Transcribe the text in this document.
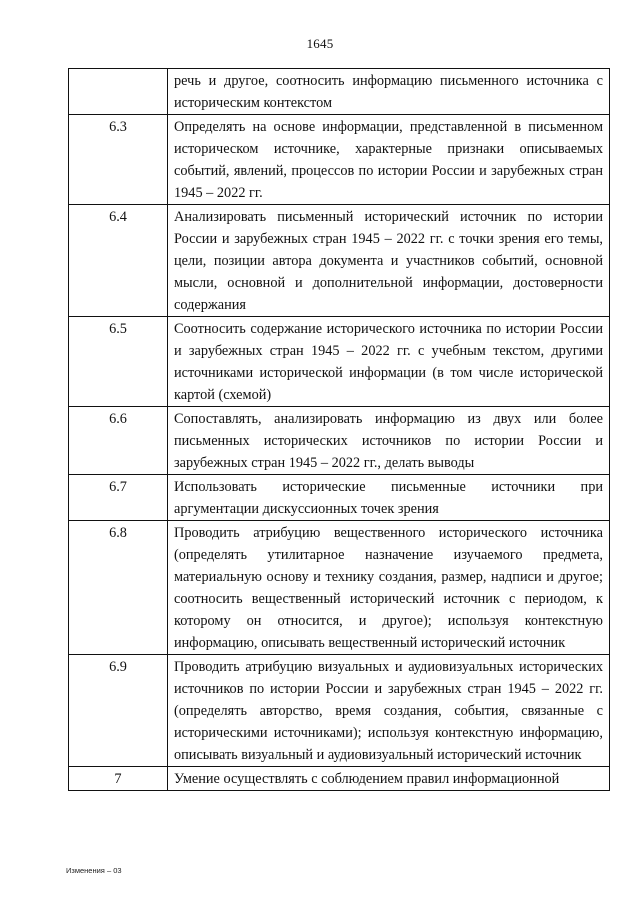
1645
	речь и другое, соотносить информацию письменного источника с историческим контекстом
6.3	Определять на основе информации, представленной в письменном историческом источнике, характерные признаки описываемых событий, явлений, процессов по истории России и зарубежных стран 1945 – 2022 гг.
6.4	Анализировать письменный исторический источник по истории России и зарубежных стран 1945 – 2022 гг. с точки зрения его темы, цели, позиции автора документа и участников событий, основной мысли, основной и дополнительной информации, достоверности содержания
6.5	Соотносить содержание исторического источника по истории России и зарубежных стран 1945 – 2022 гг. с учебным текстом, другими источниками исторической информации (в том числе исторической картой (схемой)
6.6	Сопоставлять, анализировать информацию из двух или более письменных исторических источников по истории России и зарубежных стран 1945 – 2022 гг., делать выводы
6.7	Использовать исторические письменные источники при аргументации дискуссионных точек зрения
6.8	Проводить атрибуцию вещественного исторического источника (определять утилитарное назначение изучаемого предмета, материальную основу и технику создания, размер, надписи и другое; соотносить вещественный исторический источник с периодом, к которому он относится, и другое); используя контекстную информацию, описывать вещественный исторический источник
6.9	Проводить атрибуцию визуальных и аудиовизуальных исторических источников по истории России и зарубежных стран 1945 – 2022 гг. (определять авторство, время создания, события, связанные с историческими источниками); используя контекстную информацию, описывать визуальный и аудиовизуальный исторический источник
7	Умение осуществлять с соблюдением правил информационной
Изменения – 03
